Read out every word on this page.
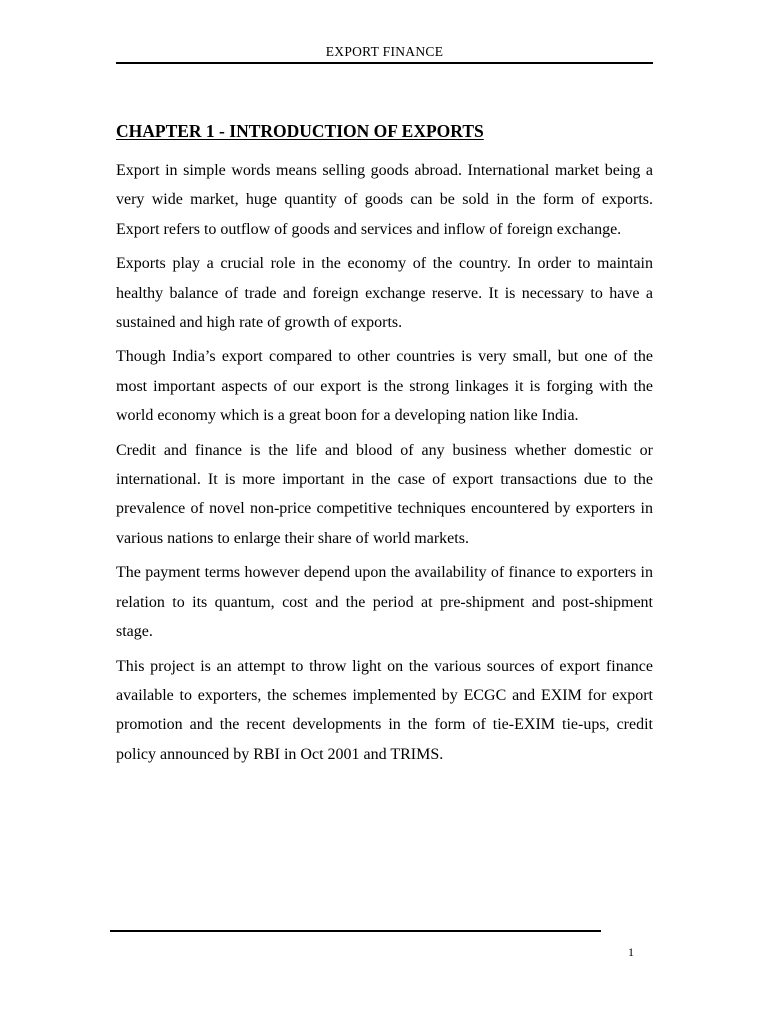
EXPORT FINANCE
CHAPTER 1 - INTRODUCTION OF EXPORTS

Export in simple words means selling goods abroad. International market being a very wide market, huge quantity of goods can be sold in the form of exports. Export refers to outflow of goods and services and inflow of foreign exchange.

Exports play a crucial role in the economy of the country. In order to maintain healthy balance of trade and foreign exchange reserve. It is necessary to have a sustained and high rate of growth of exports.

Though India’s export compared to other countries is very small, but one of the most important aspects of our export is the strong linkages it is forging with the world economy which is a great boon for a developing nation like India.

Credit and finance is the life and blood of any business whether domestic or international. It is more important in the case of export transactions due to the prevalence of novel non-price competitive techniques encountered by exporters in various nations to enlarge their share of world markets.

The payment terms however depend upon the availability of finance to exporters in relation to its quantum, cost and the period at pre-shipment and post-shipment stage.

This project is an attempt to throw light on the various sources of export finance available to exporters, the schemes implemented by ECGC and EXIM for export promotion and the recent developments in the form of tie-EXIM tie-ups, credit policy announced by RBI in Oct 2001 and TRIMS.

1
